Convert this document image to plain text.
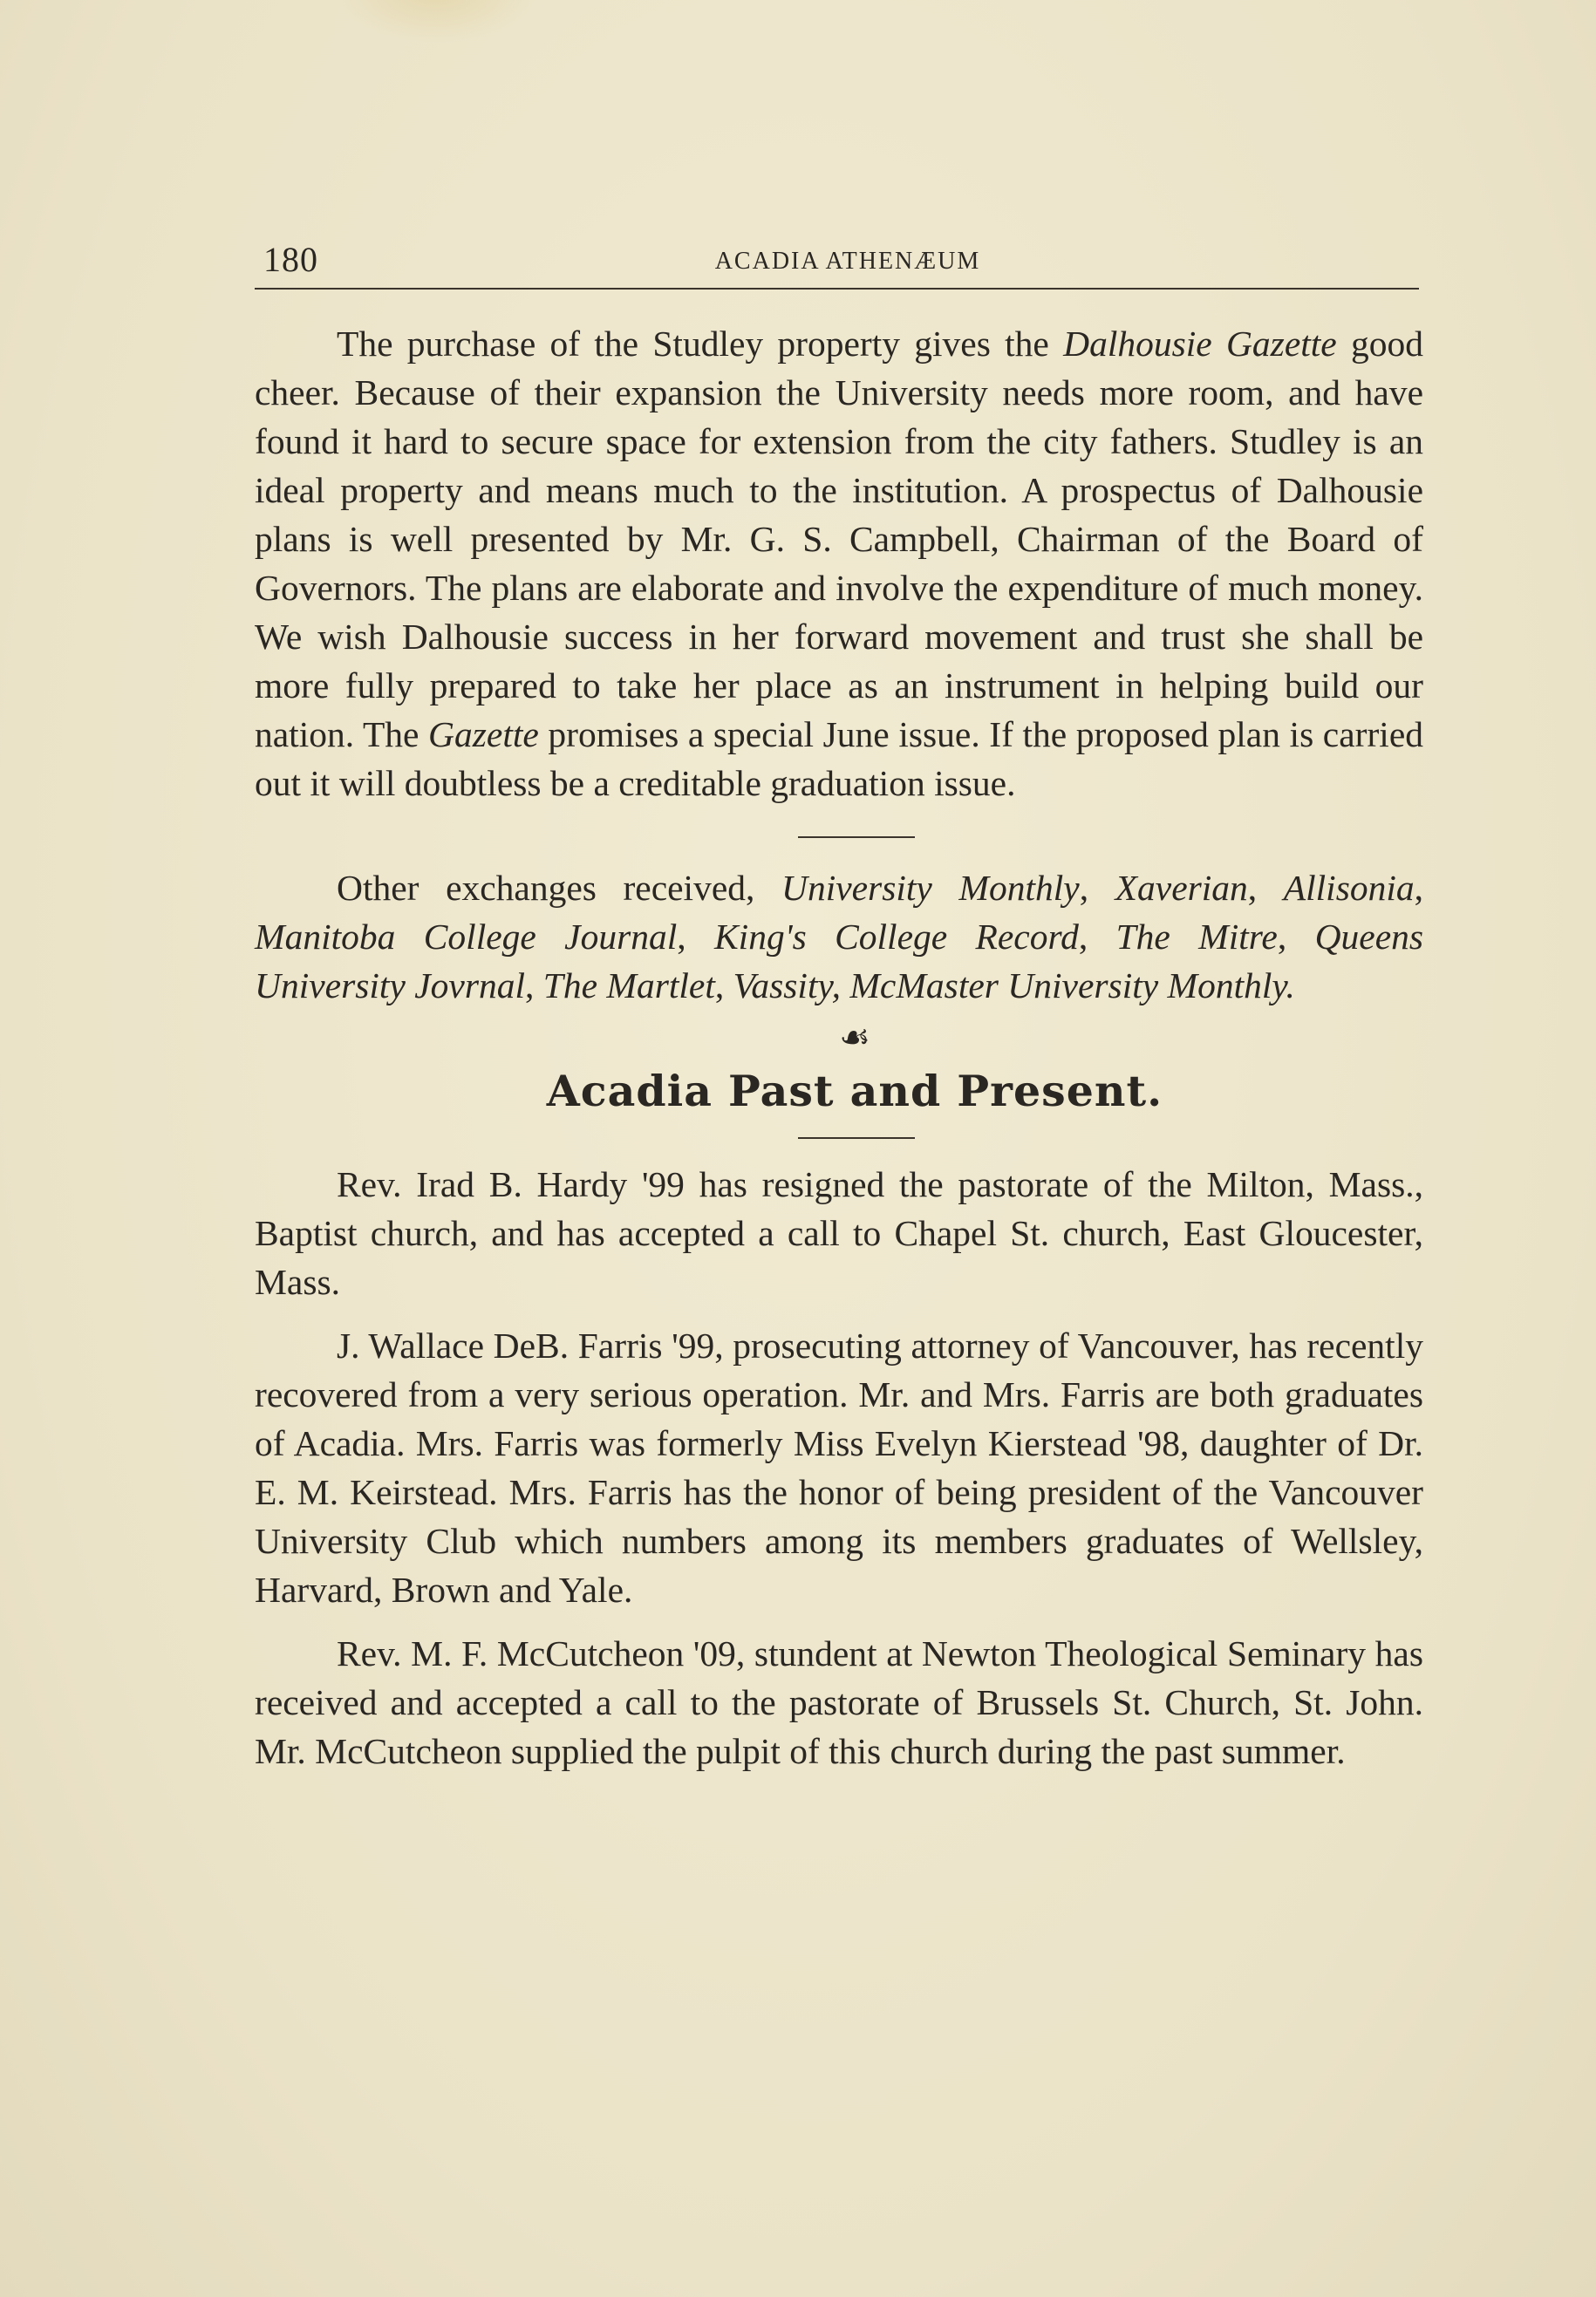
180	ACADIA ATHENÆUM

The purchase of the Studley property gives the Dalhousie Gazette good cheer. Because of their expansion the University needs more room, and have found it hard to secure space for extension from the city fathers. Studley is an ideal property and means much to the institution. A prospectus of Dalhousie plans is well presented by Mr. G. S. Campbell, Chairman of the Board of Governors. The plans are elaborate and involve the expenditure of much money. We wish Dalhousie success in her forward movement and trust she shall be more fully prepared to take her place as an instrument in helping build our nation. The Gazette promises a special June issue. If the proposed plan is carried out it will doubtless be a creditable graduation issue.

Other exchanges received, University Monthly, Xaverian, Allisonia, Manitoba College Journal, King's College Record, The Mitre, Queens University Jovrnal, The Martlet, Vassity, McMaster University Monthly.

☙
Acadia Past and Present.

Rev. Irad B. Hardy '99 has resigned the pastorate of the Milton, Mass., Baptist church, and has accepted a call to Chapel St. church, East Gloucester, Mass.

J. Wallace DeB. Farris '99, prosecuting attorney of Vancouver, has recently recovered from a very serious operation. Mr. and Mrs. Farris are both graduates of Acadia. Mrs. Farris was formerly Miss Evelyn Kierstead '98, daughter of Dr. E. M. Keirstead. Mrs. Farris has the honor of being president of the Vancouver University Club which numbers among its members graduates of Wellsley, Harvard, Brown and Yale.

Rev. M. F. McCutcheon '09, stundent at Newton Theological Seminary has received and accepted a call to the pastorate of Brussels St. Church, St. John. Mr. McCutcheon supplied the pulpit of this church during the past summer.
